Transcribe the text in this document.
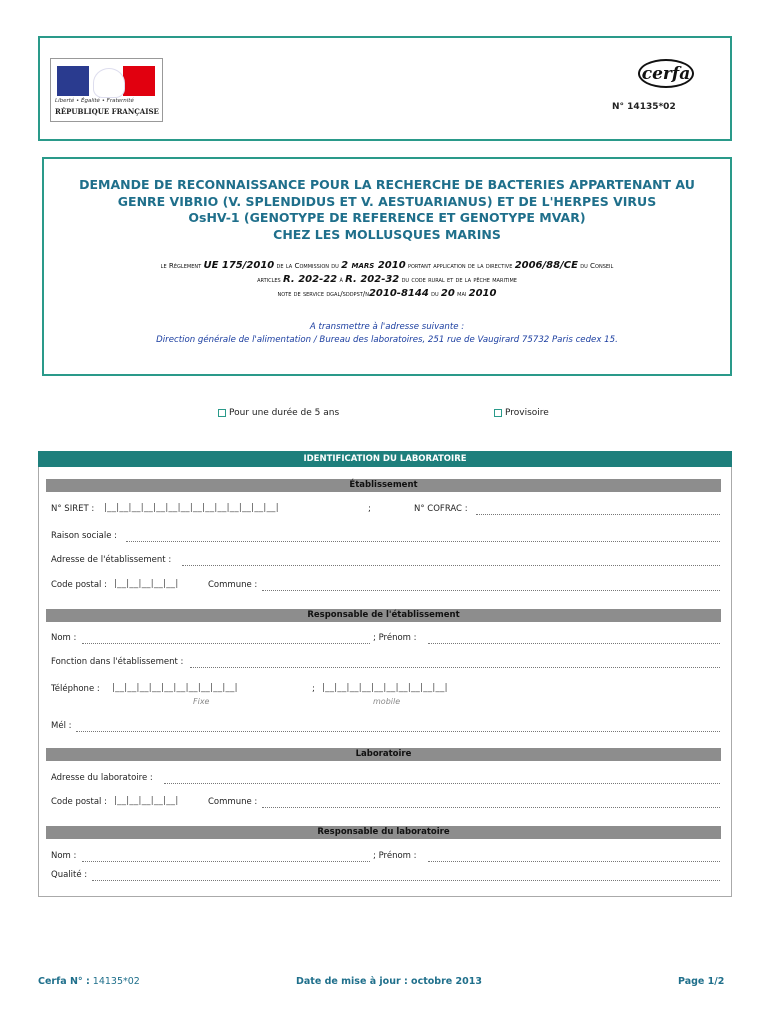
Liberté • Égalité • Fraternité
RÉPUBLIQUE FRANÇAISE
cerfa
N° 14135*02
DEMANDE DE RECONNAISSANCE POUR LA RECHERCHE DE BACTERIES APPARTENANT AU
GENRE VIBRIO (V. SPLENDIDUS ET V. AESTUARIANUS) ET DE L'HERPES VIRUS
OsHV-1 (GENOTYPE DE REFERENCE ET GENOTYPE MVAR)
CHEZ LES MOLLUSQUES MARINS
le Règlement UE 175/2010 de la Commission du 2 mars 2010 portant application de la directive 2006/88/CE du Conseil
articles R. 202-22 à R. 202-32 du code rural et de la pêche maritime
note de service dgal/sddpst/n2010-8144 du 20 mai 2010
A transmettre à l'adresse suivante :
Direction générale de l'alimentation / Bureau des laboratoires, 251 rue de Vaugirard 75732 Paris cedex 15.
Pour une durée de 5 ans	Provisoire
IDENTIFICATION DU LABORATOIRE
Établissement
N° SIRET : |__|__|__|__|__|__|__|__|__|__|__|__|__|__|	;	N° COFRAC :
Raison sociale :
Adresse de l'établissement :
Code postal : |__|__|__|__|__|	Commune :
Responsable de l'établissement
Nom :	; Prénom :
Fonction dans l'établissement :
Téléphone : |__|__|__|__|__|__|__|__|__|__|	; |__|__|__|__|__|__|__|__|__|__|
Fixe	mobile
Mél :
Laboratoire
Adresse du laboratoire :
Code postal : |__|__|__|__|__|	Commune :
Responsable du laboratoire
Nom :	; Prénom :
Qualité :
Cerfa N° : 14135*02	Date de mise à jour : octobre 2013	Page 1/2
